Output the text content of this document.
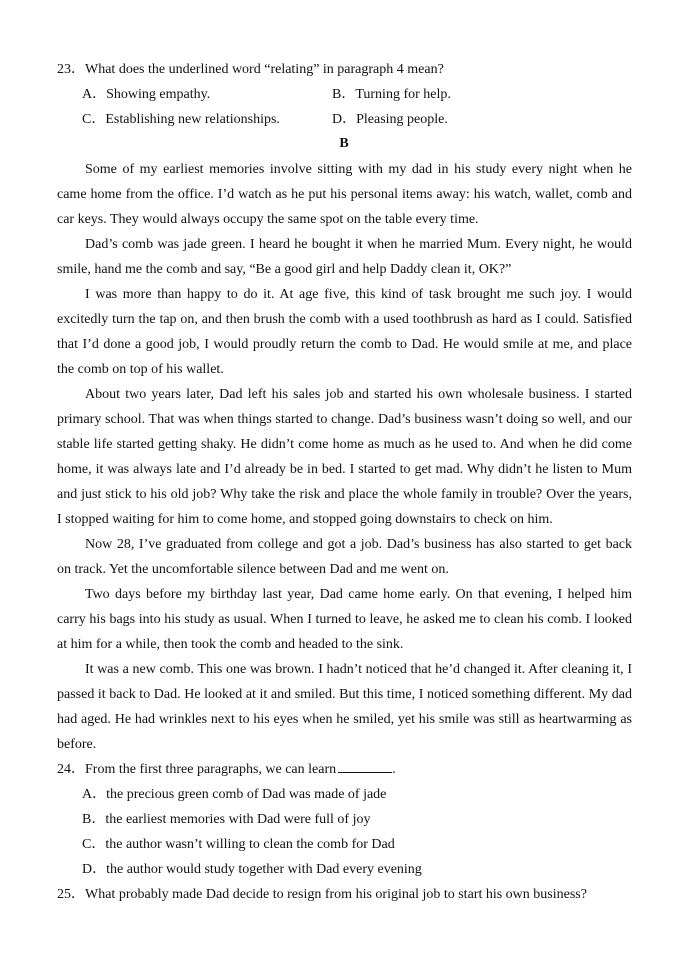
23．What does the underlined word “relating” in paragraph 4 mean?

A．Showing empathy.	B．Turning for help.

C．Establishing new relationships.	D．Pleasing people.

B

Some of my earliest memories involve sitting with my dad in his study every night when he

came home from the office. I’d watch as he put his personal items away: his watch, wallet, comb and

car keys. They would always occupy the same spot on the table every time.

Dad’s comb was jade green. I heard he bought it when he married Mum. Every night, he would

smile, hand me the comb and say, “Be a good girl and help Daddy clean it, OK?”

I was more than happy to do it. At age five, this kind of task brought me such joy. I would

excitedly turn the tap on, and then brush the comb with a used toothbrush as hard as I could. Satisfied

that I’d done a good job, I would proudly return the comb to Dad. He would smile at me, and place

the comb on top of his wallet.

About two years later, Dad left his sales job and started his own wholesale business. I started

primary school. That was when things started to change. Dad’s business wasn’t doing so well, and our

stable life started getting shaky. He didn’t come home as much as he used to. And when he did come

home, it was always late and I’d already be in bed. I started to get mad. Why didn’t he listen to Mum

and just stick to his old job? Why take the risk and place the whole family in trouble? Over the years,

I stopped waiting for him to come home, and stopped going downstairs to check on him.

Now 28, I’ve graduated from college and got a job. Dad’s business has also started to get back

on track. Yet the uncomfortable silence between Dad and me went on.

Two days before my birthday last year, Dad came home early. On that evening, I helped him

carry his bags into his study as usual. When I turned to leave, he asked me to clean his comb. I looked

at him for a while, then took the comb and headed to the sink.

It was a new comb. This one was brown. I hadn’t noticed that he’d changed it. After cleaning it, I

passed it back to Dad. He looked at it and smiled. But this time, I noticed something different. My dad

had aged. He had wrinkles next to his eyes when he smiled, yet his smile was still as heartwarming as

before.

24．From the first three paragraphs, we can learn	.

A．the precious green comb of Dad was made of jade

B．the earliest memories with Dad were full of joy

C．the author wasn’t willing to clean the comb for Dad

D．the author would study together with Dad every evening

25．What probably made Dad decide to resign from his original job to start his own business?
